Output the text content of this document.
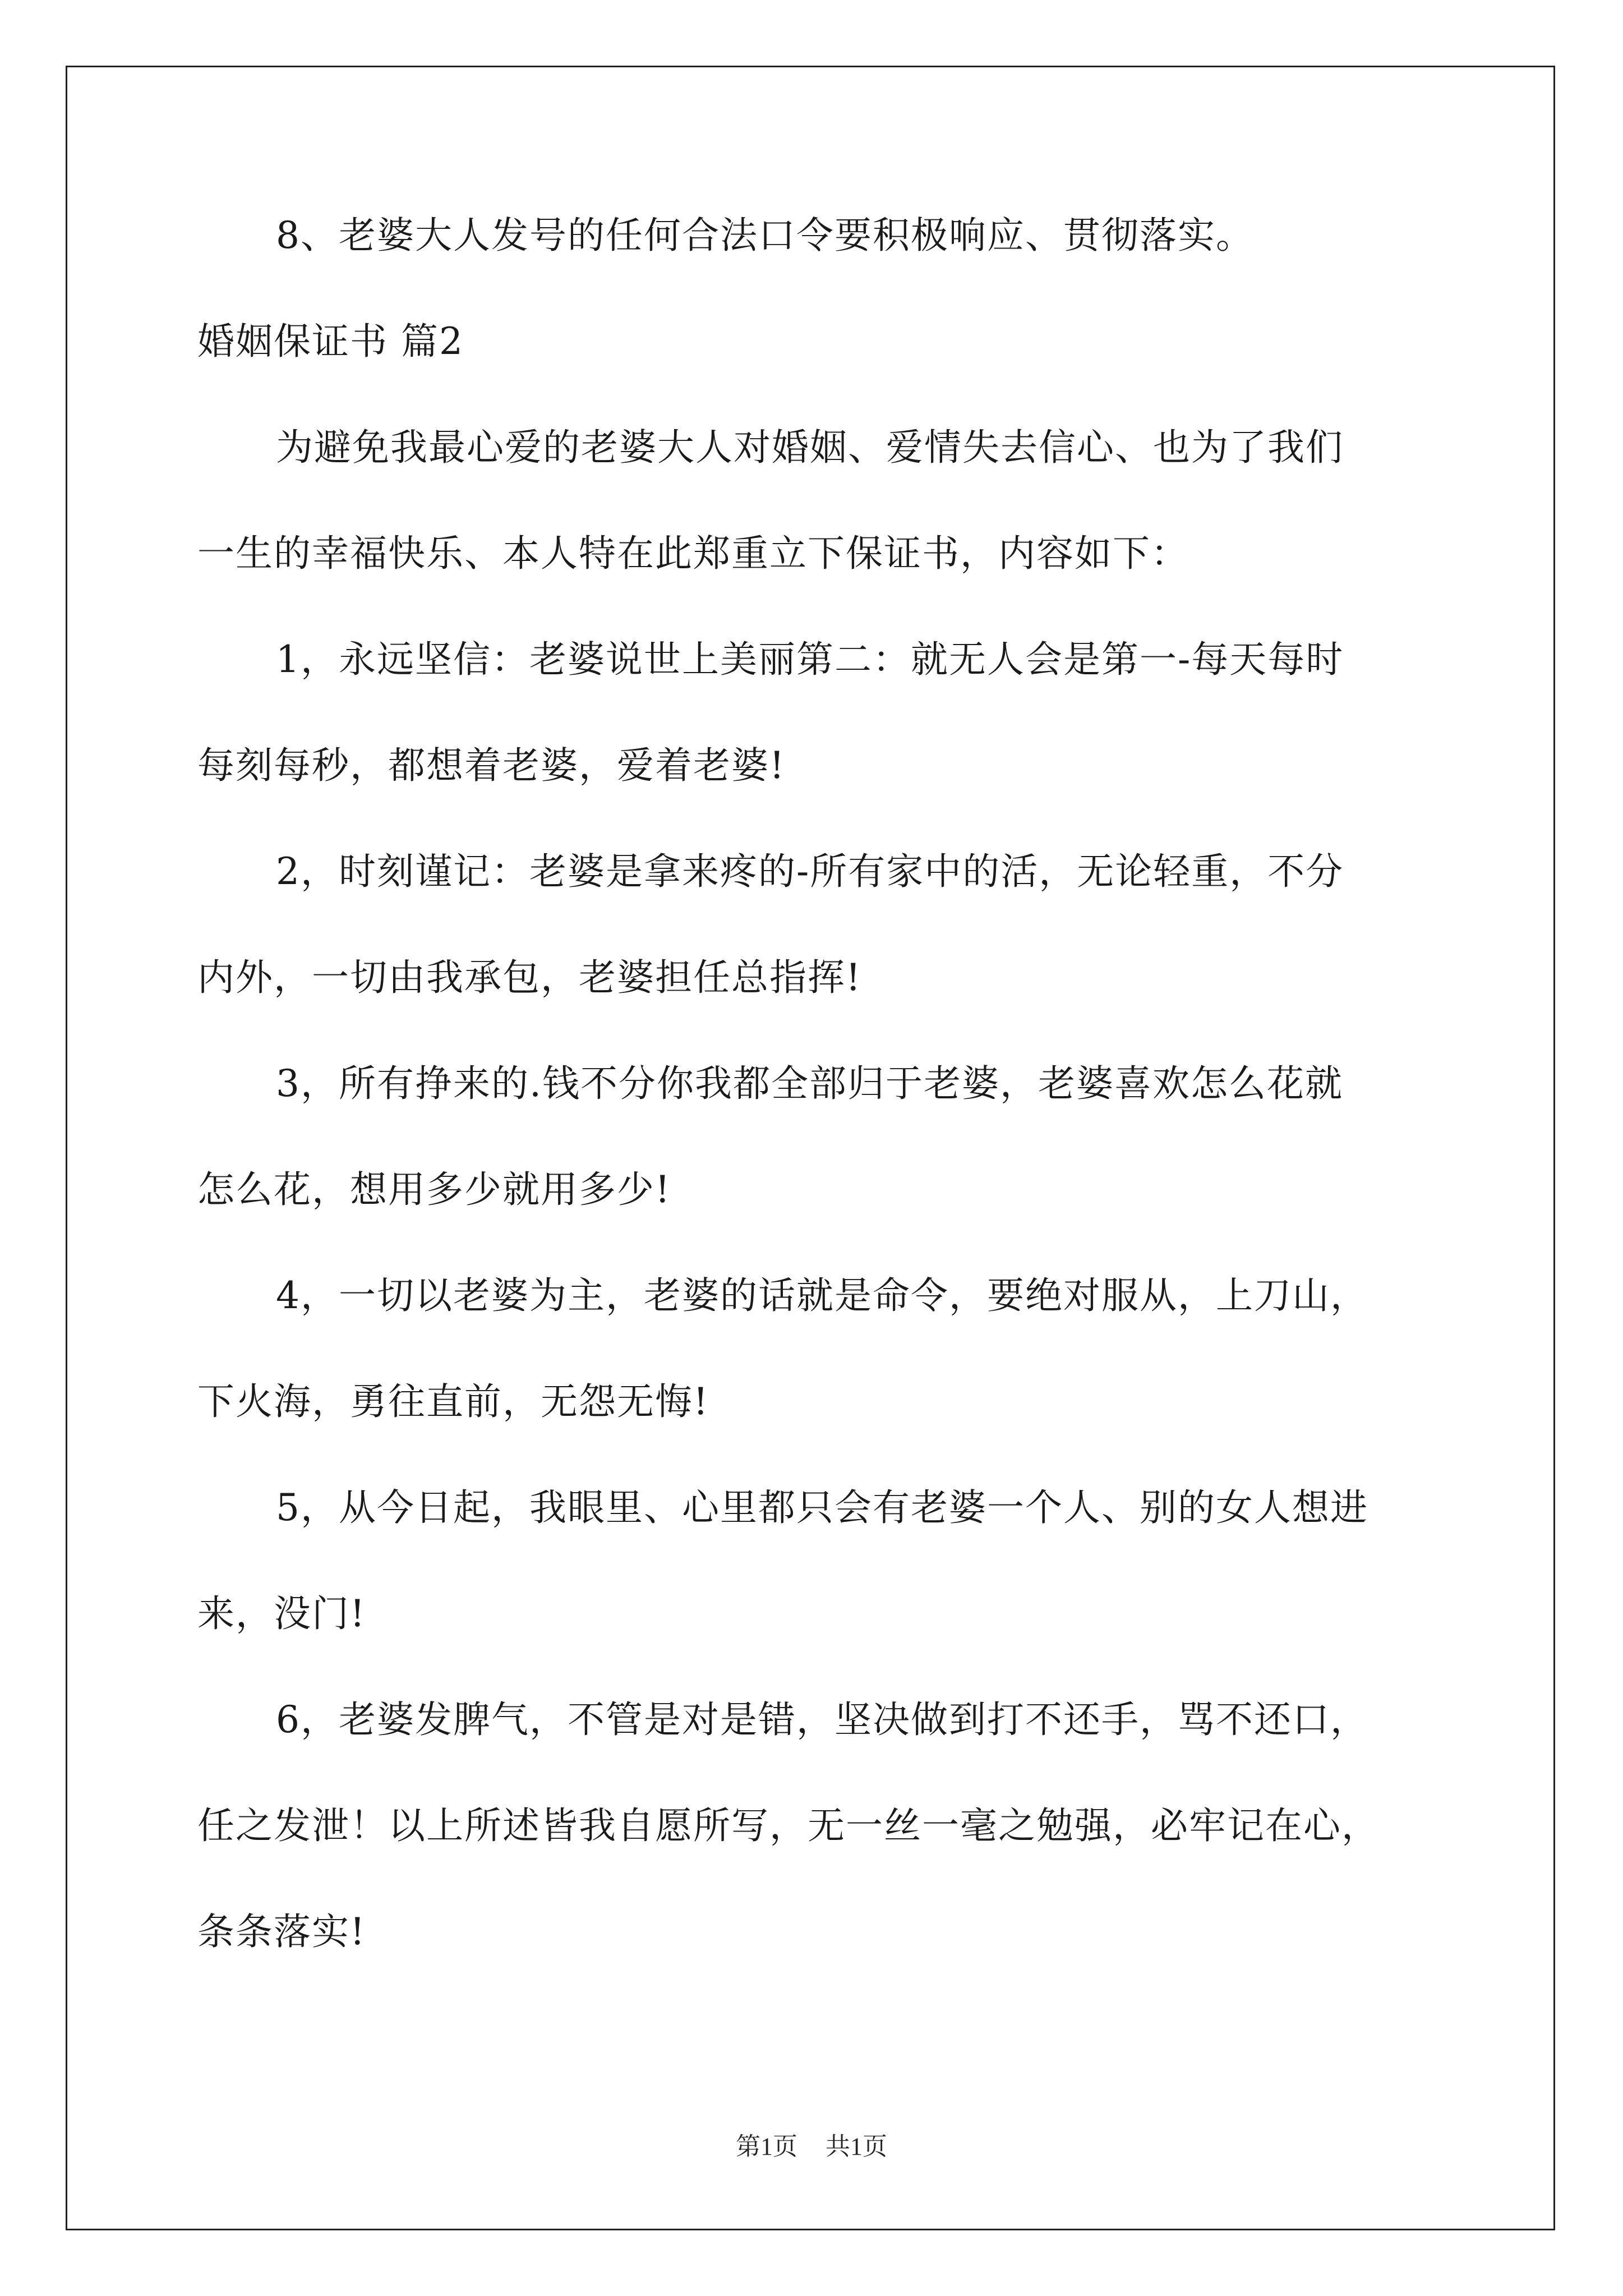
8、老婆大人发号的任何合法口令要积极响应、贯彻落实。
婚姻保证书 篇2
为避免我最心爱的老婆大人对婚姻、爱情失去信心、也为了我们
一生的幸福快乐、本人特在此郑重立下保证书，内容如下：
1，永远坚信：老婆说世上美丽第二：就无人会是第一-每天每时
每刻每秒，都想着老婆，爱着老婆!
2，时刻谨记：老婆是拿来疼的-所有家中的活，无论轻重，不分
内外，一切由我承包，老婆担任总指挥!
3，所有挣来的.钱不分你我都全部归于老婆，老婆喜欢怎么花就
怎么花，想用多少就用多少!
4，一切以老婆为主，老婆的话就是命令，要绝对服从，上刀山，
下火海，勇往直前，无怨无悔!
5，从今日起，我眼里、心里都只会有老婆一个人、别的女人想进
来，没门!
6，老婆发脾气，不管是对是错，坚决做到打不还手，骂不还口，
任之发泄！以上所述皆我自愿所写，无一丝一毫之勉强，必牢记在心，
条条落实!
第1页 共1页
